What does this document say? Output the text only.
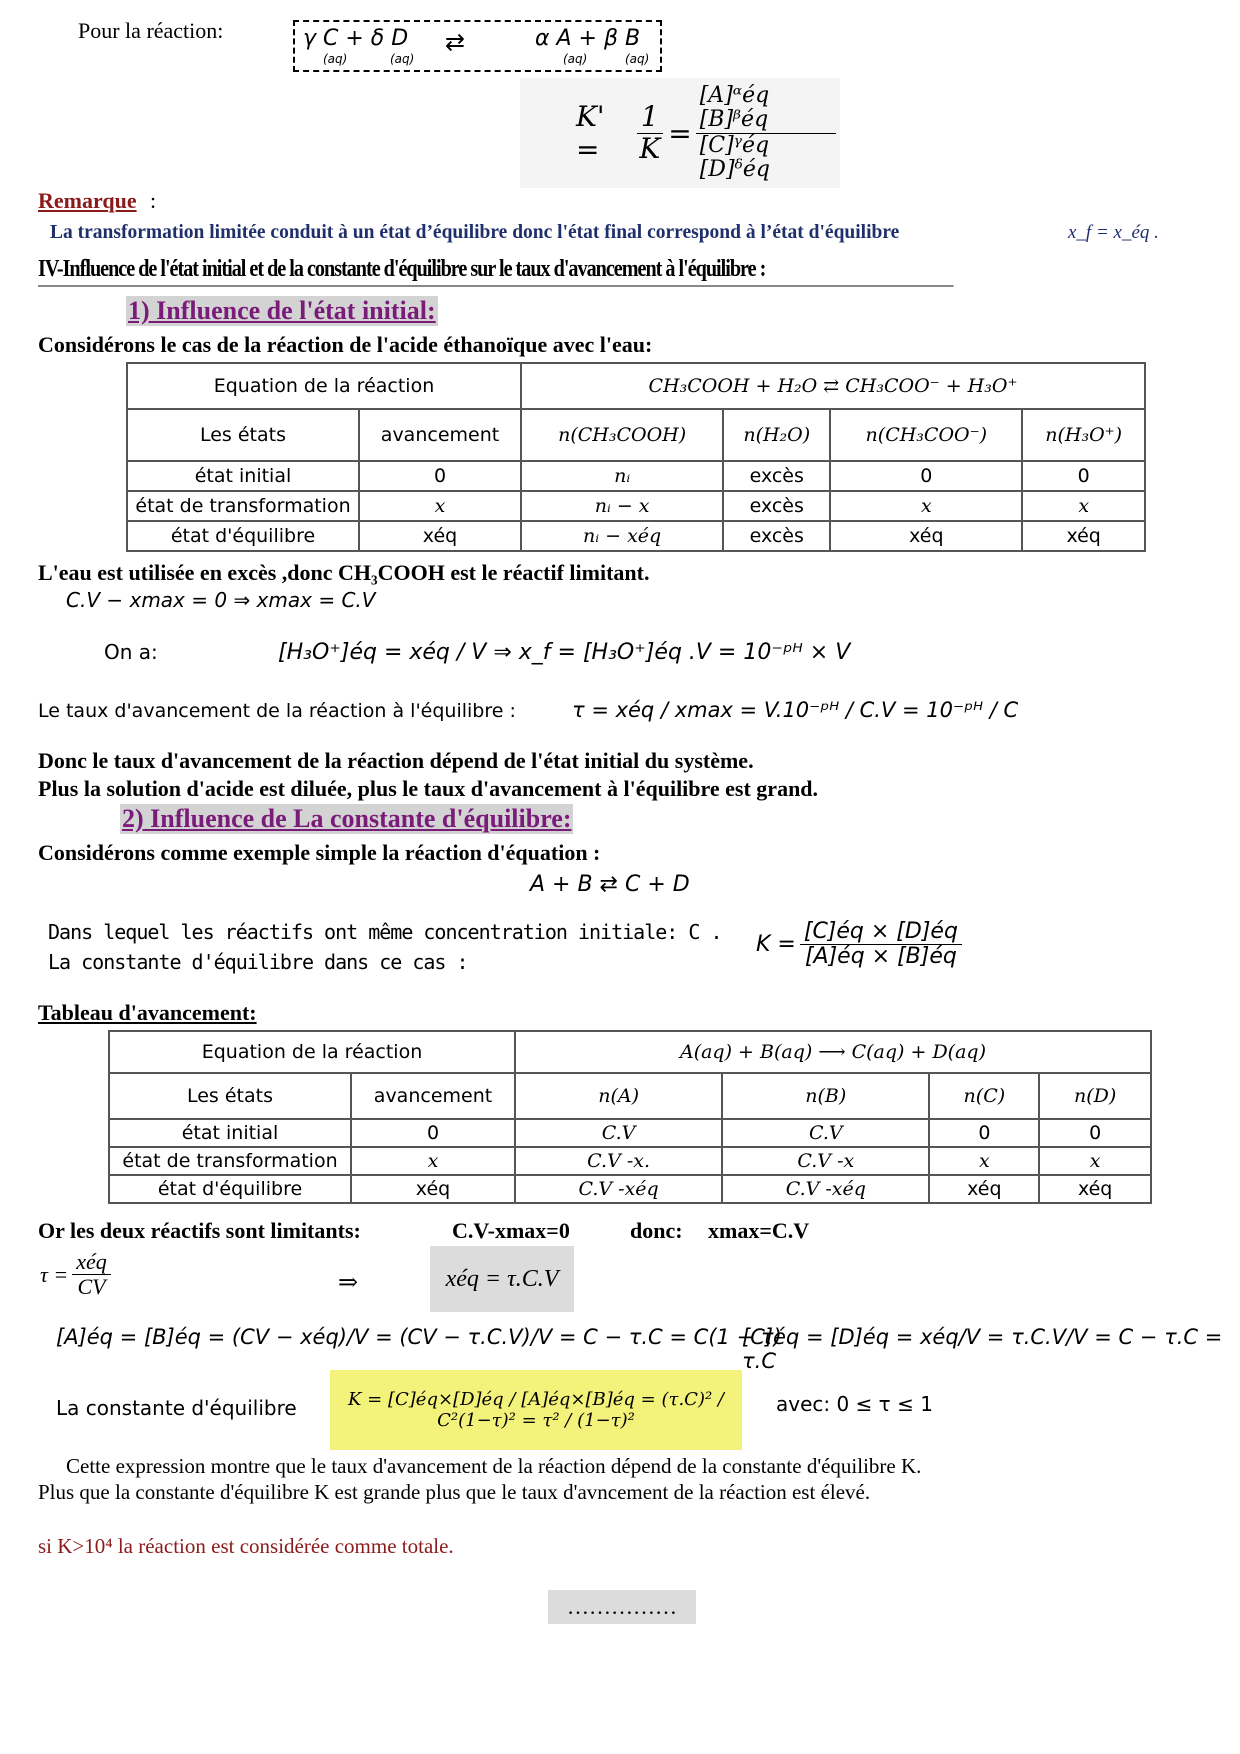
Pour la réaction:	γ C + δ D ⇄	α A + β B
(aq)	(aq)	(aq)	(aq)
K' =	$\frac{1}{K} = \frac{\text{[A]ᵅéq [B]ᵝéq}}{\text{[C]ᵞéq [D]ᵟéq}}$
Remarque :
La transformation limitée conduit à un état d’équilibre donc l'état final correspond à l’état d'équilibre	x_f = x_éq .
IV-Influence de l'état initial et de la constante d'équilibre sur le taux d'avancement à l'équilibre :
1) Influence de l'état initial:
Considérons le cas de la réaction de l'acide éthanoïque avec l'eau:
Equation de la réaction		CH₃COOH + H₂O ⇄ CH₃COO⁻ + H₃O⁺			
Les états	avancement	n(CH₃COOH)	n(H₂O)	n(CH₃COO⁻)	n(H₃O⁺)
état initial	0	nᵢ	excès	0	0
état de transformation	x	nᵢ − x	excès	x	x
état d'équilibre	xéq	nᵢ − xéq	excès	xéq	xéq
L'eau est utilisée en excès ,donc CH₃COOH est le réactif limitant.
C.V − xmax = 0 ⇒ xmax = C.V
On a:	[H₃O⁺]éq = xéq / V ⇒ x_f = [H₃O⁺]éq .V = 10⁻ᵖᴴ × V
Le taux d'avancement de la réaction à l'équilibre :	τ = xéq / xmax = V.10⁻ᵖᴴ / C.V = 10⁻ᵖᴴ / C
Donc le taux d'avancement de la réaction dépend de l'état initial du système.
Plus la solution d'acide est diluée, plus le taux d'avancement à l'équilibre est grand.
2) Influence de La constante d'équilibre:
Considérons comme exemple simple la réaction d'équation :
A + B ⇄ C + D
Dans lequel les réactifs ont même concentration initiale: C .
La constante d'équilibre dans ce cas :
$K = \frac{[C]éq \times [D]éq}{[A]éq \times [B]éq}$
Tableau d'avancement:
Equation de la réaction		A(aq) + B(aq) ⟶ C(aq) + D(aq)			
Les états	avancement	n(A)	n(B)	n(C)	n(D)
état initial	0	C.V	C.V	0	0
état de transformation	x	C.V -x.	C.V -x	x	x
état d'équilibre	xéq	C.V -xéq	C.V -xéq	xéq	xéq
Or les deux réactifs sont limitants:	C.V-xmax=0	donc: xmax=C.V
$\tau = \frac{\text{xéq}}{CV}$	⇒	xéq = τ.C.V
[A]éq = [B]éq = (CV − xéq)/V = (CV − τ.C.V)/V = C − τ.C = C(1 − τ)
[C]éq = [D]éq = xéq/V = τ.C.V/V = C − τ.C = τ.C
La constante d'équilibre	K = [C]éq×[D]éq / [A]éq×[B]éq = (τ.C)² / C²(1−τ)² = τ² / (1−τ)²
avec: 0 ≤ τ ≤ 1
Cette expression montre que le taux d'avancement de la réaction dépend de la constante d'équilibre K.
Plus que la constante d'équilibre K est grande plus que le taux d'avncement de la réaction est élevé.
si K>10⁴ la réaction est considérée comme totale.
……………
